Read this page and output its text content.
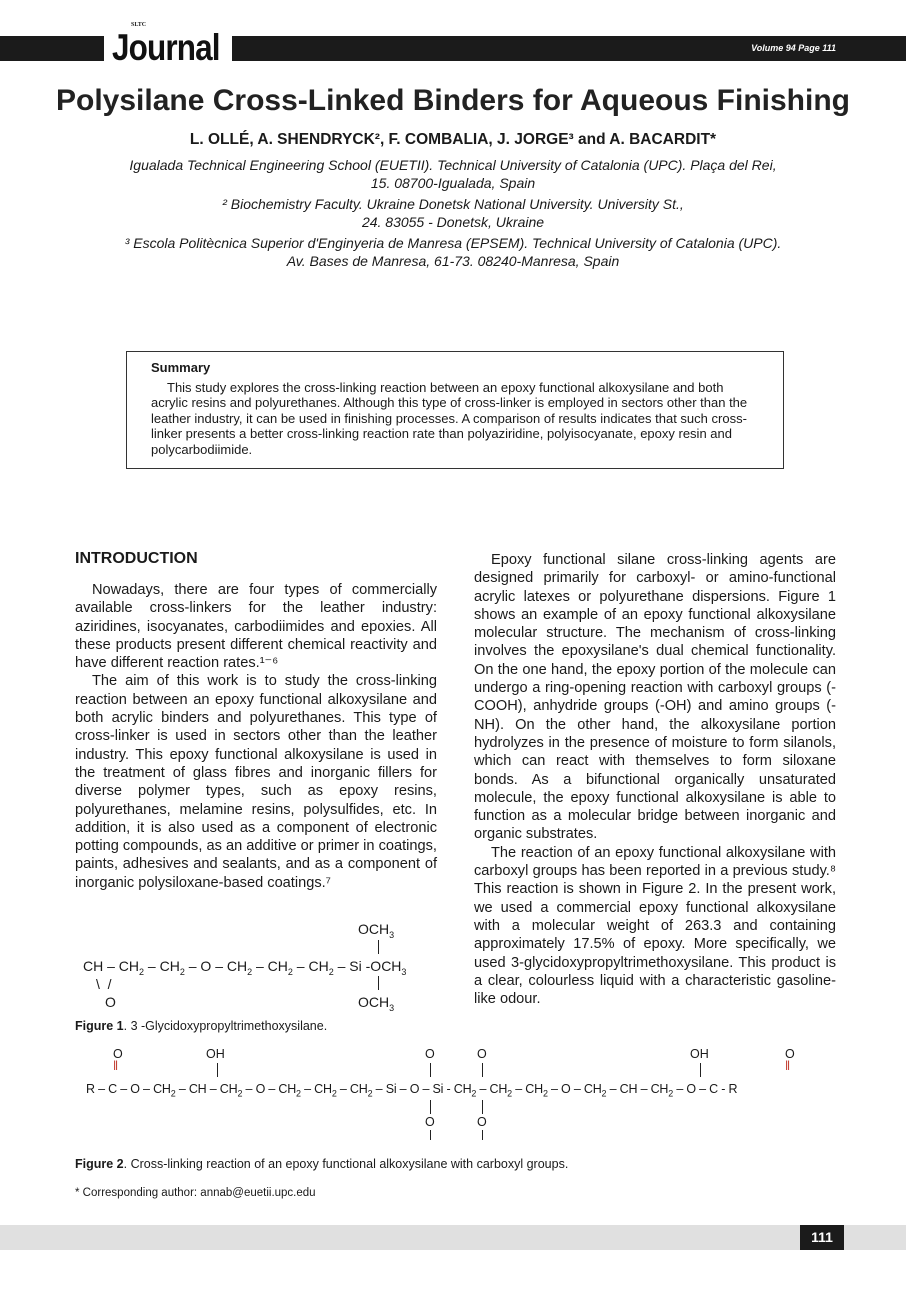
Journal
SLTC
Volume 94 Page 111
Polysilane Cross-Linked Binders for Aqueous Finishing
L. OLLÉ, A. SHENDRYCK², F. COMBALIA, J. JORGE³ and A. BACARDIT*
Igualada Technical Engineering School (EUETII). Technical University of Catalonia (UPC). Plaça del Rei,
15. 08700-Igualada, Spain
² Biochemistry Faculty. Ukraine Donetsk National University. University St.,
24. 83055 - Donetsk, Ukraine
³ Escola Politècnica Superior d'Enginyeria de Manresa (EPSEM). Technical University of Catalonia (UPC).
Av. Bases de Manresa, 61-73. 08240-Manresa, Spain
Summary

This study explores the cross-linking reaction between an epoxy functional alkoxysilane and both acrylic resins and polyurethanes. Although this type of cross-linker is employed in sectors other than the leather industry, it can be used in finishing processes. A comparison of results indicates that such cross-linker presents a better cross-linking reaction rate than polyaziridine, polyisocyanate, epoxy resin and polycarbodiimide.

INTRODUCTION

Nowadays, there are four types of commercially available cross-linkers for the leather industry: aziridines, isocyanates, carbodiimides and epoxies. All these products present different chemical reactivity and have different reaction rates.¹⁻⁶

The aim of this work is to study the cross-linking reaction between an epoxy functional alkoxysilane and both acrylic binders and polyurethanes. This type of cross-linker is used in sectors other than the leather industry. This epoxy functional alkoxysilane is used in the treatment of glass fibres and inorganic fillers for diverse polymer types, such as epoxy resins, polyurethanes, melamine resins, polysulfides, etc. In addition, it is also used as a component of electronic potting compounds, as an additive or primer in coatings, paints, adhesives and sealants, and as a component of inorganic polysiloxane-based coatings.⁷

Epoxy functional silane cross-linking agents are designed primarily for carboxyl- or amino-functional acrylic latexes or polyurethane dispersions. Figure 1 shows an example of an epoxy functional alkoxysilane molecular structure. The mechanism of cross-linking involves the epoxysilane's dual chemical functionality. On the one hand, the epoxy portion of the molecule can undergo a ring-opening reaction with carboxyl groups (-COOH), anhydride groups (-OH) and amino groups (-NH). On the other hand, the alkoxysilane portion hydrolyzes in the presence of moisture to form silanols, which can react with themselves to form siloxane bonds. As a bifunctional organically unsaturated molecule, the epoxy functional alkoxysilane is able to function as a molecular bridge between inorganic and organic substrates.

The reaction of an epoxy functional alkoxysilane with carboxyl groups has been reported in a previous study.⁸ This reaction is shown in Figure 2. In the present work, we used a commercial epoxy functional alkoxysilane with a molecular weight of 263.3 and containing approximately 17.5% of epoxy. More specifically, we used 3-glycidoxypropyltrimethoxysilane. This product is a clear, colourless liquid with a characteristic gasoline-like odour.

$OCH_3$
CH – $CH_2 - CH_2$ – O – $CH_2 - CH_2 - CH_2$ – Si $-OCH_3$
$OCH_3$
\  /
O
Figure 1. 3 -Glycidoxypropyltrimethoxysilane.
O
‖
OH	O	O	OH	O
‖
R – C – O – $CH_2$ – CH – $CH_2$ – O – $CH_2 - CH_2 - CH_2$ – Si – O – Si - $CH_2 - CH_2 - CH_2$ – O – $CH_2$ – CH – $CH_2$ – O – C - R
O	O
Figure 2. Cross-linking reaction of an epoxy functional alkoxysilane with carboxyl groups.
* Corresponding author: annab@euetii.upc.edu
111
